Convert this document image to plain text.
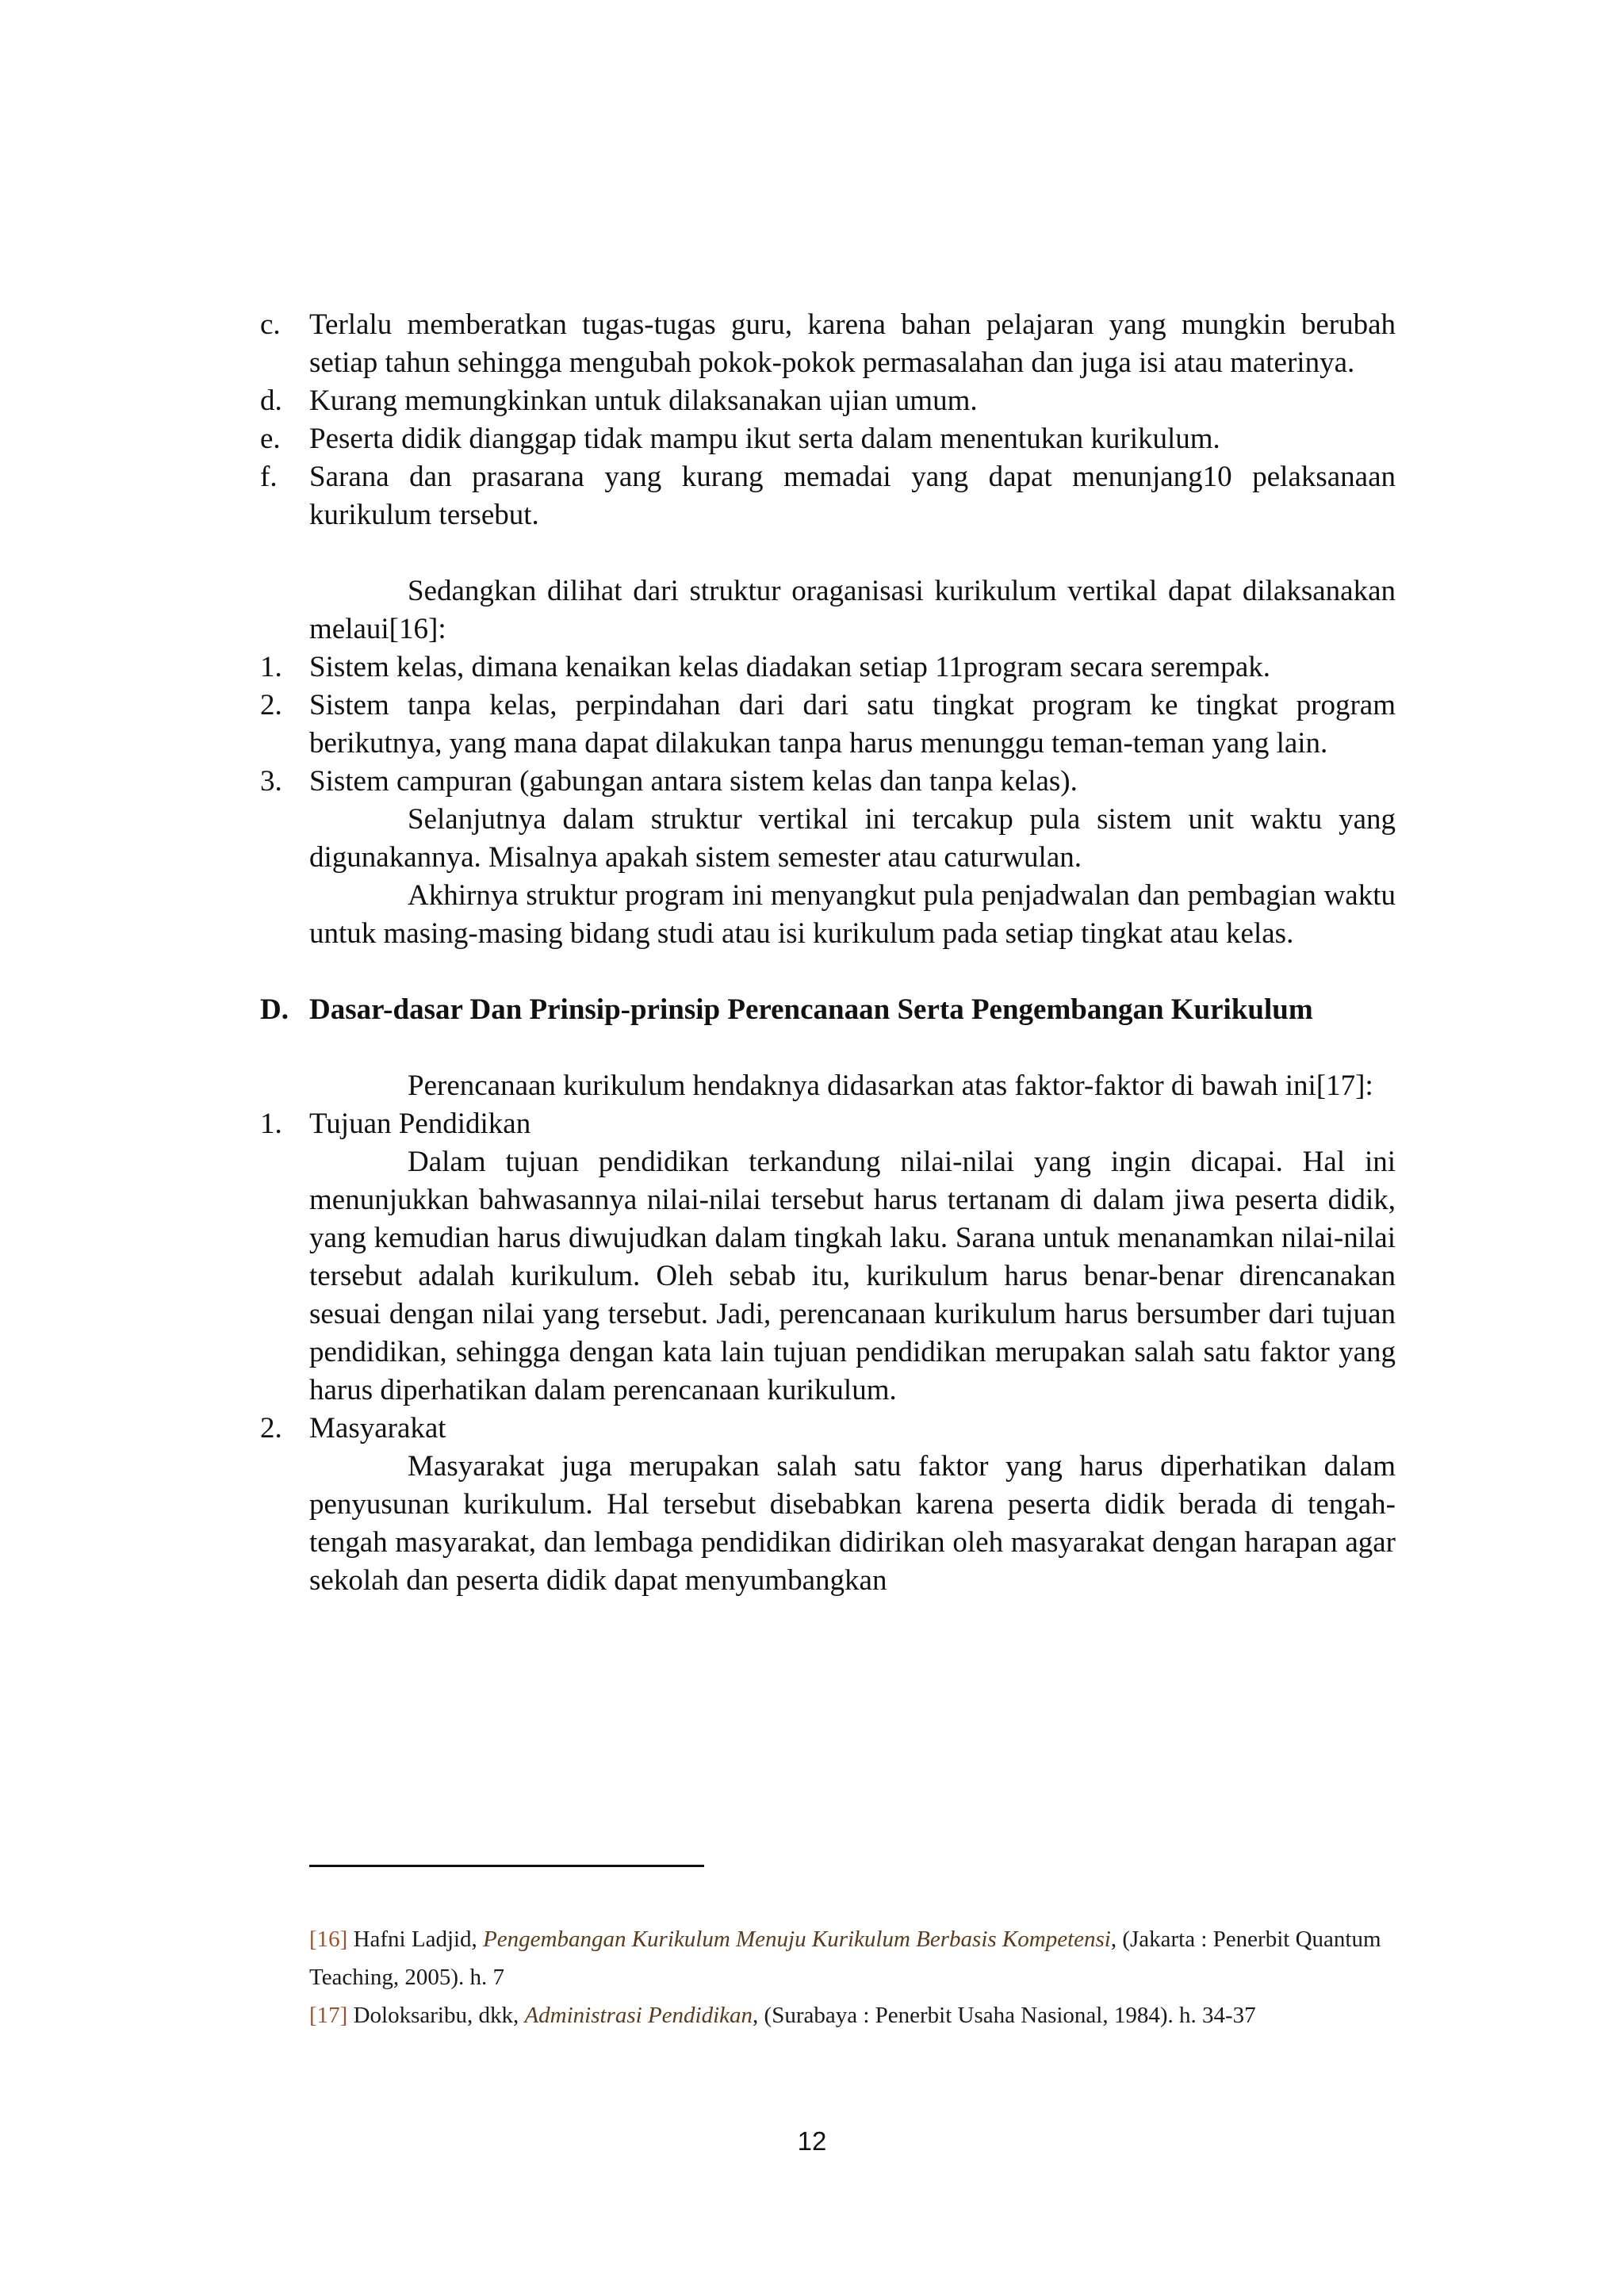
c. Terlalu memberatkan tugas-tugas guru, karena bahan pelajaran yang mungkin berubah setiap tahun sehingga mengubah pokok-pokok permasalahan dan juga isi atau materinya.
d. Kurang memungkinkan untuk dilaksanakan ujian umum.
e. Peserta didik dianggap tidak mampu ikut serta dalam menentukan kurikulum.
f. Sarana dan prasarana yang kurang memadai yang dapat menunjang10 pelaksanaan kurikulum tersebut.
Sedangkan dilihat dari struktur oraganisasi kurikulum vertikal dapat dilaksanakan melaui[16]:
1. Sistem kelas, dimana kenaikan kelas diadakan setiap 11program secara serempak.
2. Sistem tanpa kelas, perpindahan dari dari satu tingkat program ke tingkat program berikutnya, yang mana dapat dilakukan tanpa harus menunggu teman-teman yang lain.
3. Sistem campuran (gabungan antara sistem kelas dan tanpa kelas).
Selanjutnya dalam struktur vertikal ini tercakup pula sistem unit waktu yang digunakannya. Misalnya apakah sistem semester atau caturwulan.
Akhirnya struktur program ini menyangkut pula penjadwalan dan pembagian waktu untuk masing-masing bidang studi atau isi kurikulum pada setiap tingkat atau kelas.
D. Dasar-dasar Dan Prinsip-prinsip Perencanaan Serta Pengembangan Kurikulum
Perencanaan kurikulum hendaknya didasarkan atas faktor-faktor di bawah ini[17]:
1. Tujuan Pendidikan
Dalam tujuan pendidikan terkandung nilai-nilai yang ingin dicapai. Hal ini menunjukkan bahwasannya nilai-nilai tersebut harus tertanam di dalam jiwa peserta didik, yang kemudian harus diwujudkan dalam tingkah laku. Sarana untuk menanamkan nilai-nilai tersebut adalah kurikulum. Oleh sebab itu, kurikulum harus benar-benar direncanakan sesuai dengan nilai yang tersebut. Jadi, perencanaan kurikulum harus bersumber dari tujuan pendidikan, sehingga dengan kata lain tujuan pendidikan merupakan salah satu faktor yang harus diperhatikan dalam perencanaan kurikulum.
2. Masyarakat
Masyarakat juga merupakan salah satu faktor yang harus diperhatikan dalam penyusunan kurikulum. Hal tersebut disebabkan karena peserta didik berada di tengah-tengah masyarakat, dan lembaga pendidikan didirikan oleh masyarakat dengan harapan agar sekolah dan peserta didik dapat menyumbangkan
[16] Hafni Ladjid, Pengembangan Kurikulum Menuju Kurikulum Berbasis Kompetensi, (Jakarta : Penerbit Quantum Teaching, 2005). h. 7
[17] Doloksaribu, dkk, Administrasi Pendidikan, (Surabaya : Penerbit Usaha Nasional, 1984). h. 34-37
12
